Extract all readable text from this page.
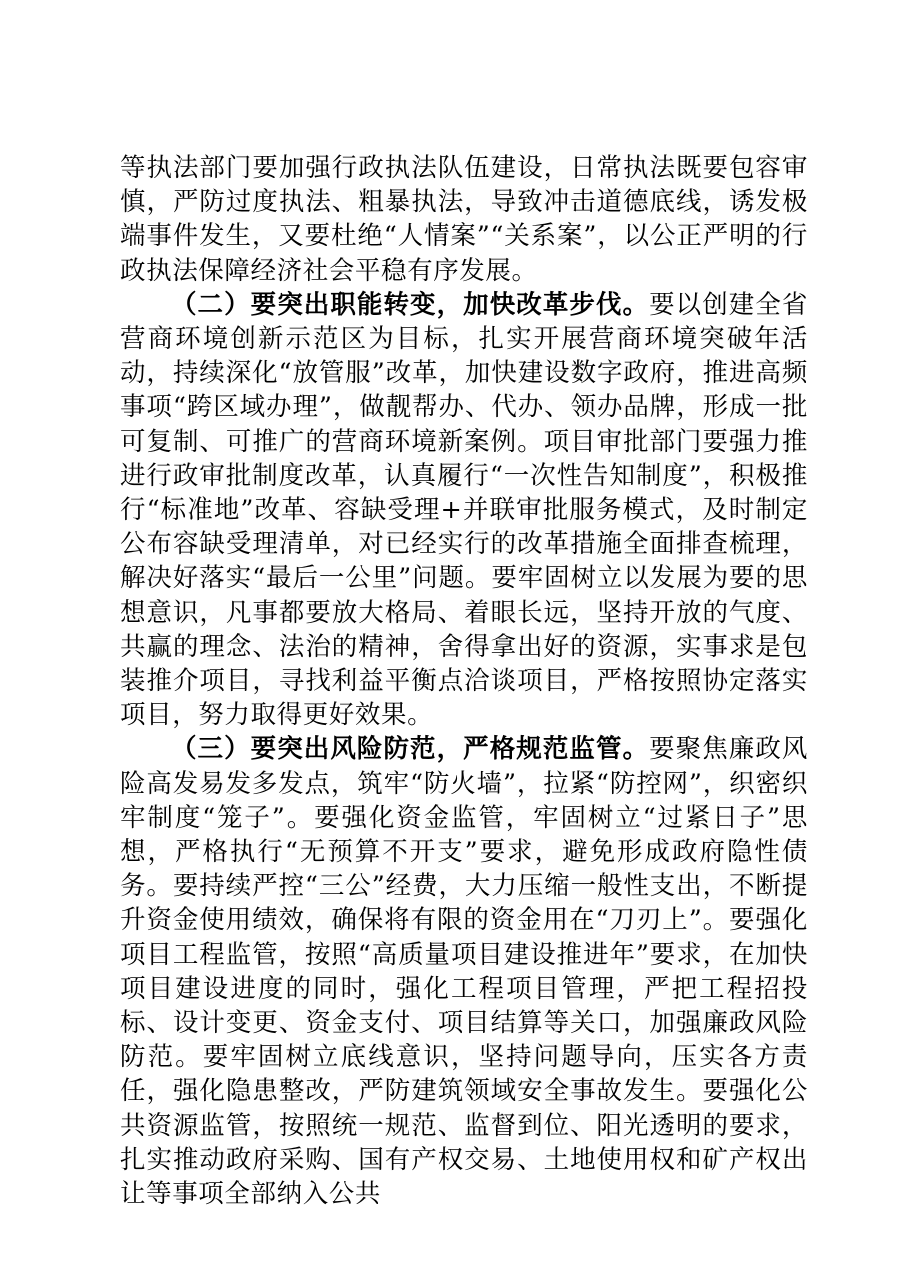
等执法部门要加强行政执法队伍建设，日常执法既要包容审慎，严防过度执法、粗暴执法，导致冲击道德底线，诱发极端事件发生，又要杜绝“人情案”“关系案”，以公正严明的行政执法保障经济社会平稳有序发展。

（二）要突出职能转变，加快改革步伐。要以创建全省营商环境创新示范区为目标，扎实开展营商环境突破年活动，持续深化“放管服”改革，加快建设数字政府，推进高频事项“跨区域办理”，做靓帮办、代办、领办品牌，形成一批可复制、可推广的营商环境新案例。项目审批部门要强力推进行政审批制度改革，认真履行“一次性告知制度”，积极推行“标准地”改革、容缺受理+并联审批服务模式，及时制定公布容缺受理清单，对已经实行的改革措施全面排查梳理，解决好落实“最后一公里”问题。要牢固树立以发展为要的思想意识，凡事都要放大格局、着眼长远，坚持开放的气度、共赢的理念、法治的精神，舍得拿出好的资源，实事求是包装推介项目，寻找利益平衡点洽谈项目，严格按照协定落实项目，努力取得更好效果。

（三）要突出风险防范，严格规范监管。要聚焦廉政风险高发易发多发点，筑牢“防火墙”，拉紧“防控网”，织密织牢制度“笼子”。要强化资金监管，牢固树立“过紧日子”思想，严格执行“无预算不开支”要求，避免形成政府隐性债务。要持续严控“三公”经费，大力压缩一般性支出，不断提升资金使用绩效，确保将有限的资金用在“刀刃上”。要强化项目工程监管，按照“高质量项目建设推进年”要求，在加快项目建设进度的同时，强化工程项目管理，严把工程招投标、设计变更、资金支付、项目结算等关口，加强廉政风险防范。要牢固树立底线意识，坚持问题导向，压实各方责任，强化隐患整改，严防建筑领域安全事故发生。要强化公共资源监管，按照统一规范、监督到位、阳光透明的要求，扎实推动政府采购、国有产权交易、土地使用权和矿产权出让等事项全部纳入公共
